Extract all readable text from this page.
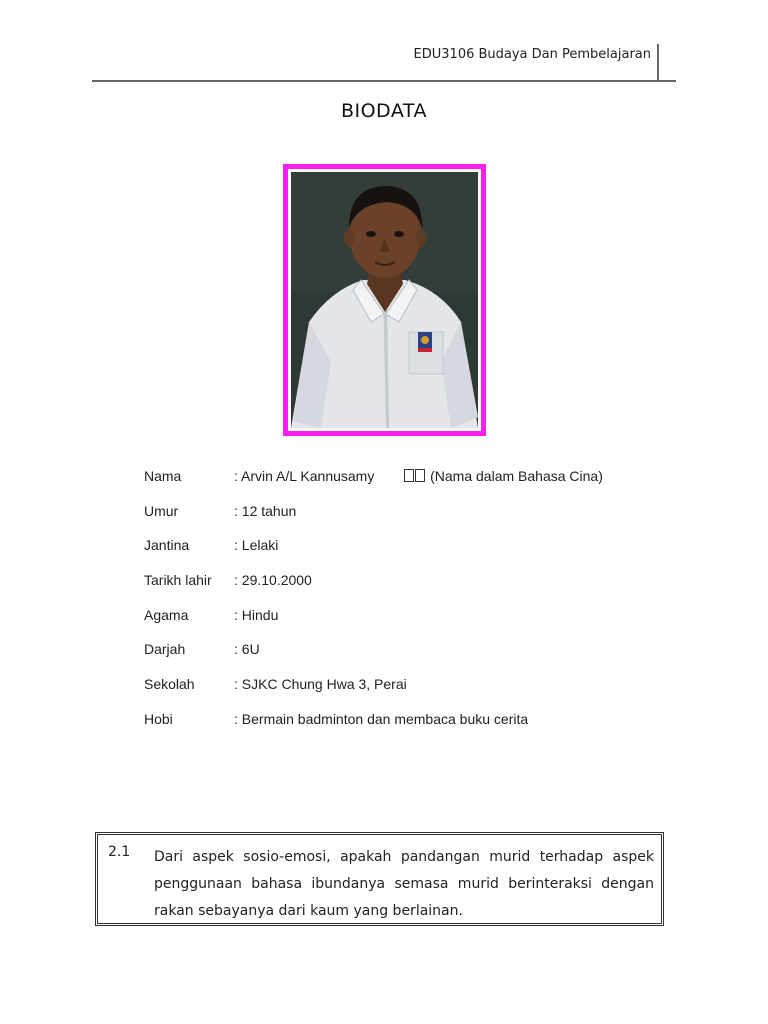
EDU3106 Budaya Dan Pembelajaran
BIODATA
Nama	: Arvin A/L Kannusamy	(Nama dalam Bahasa Cina)
Umur	: 12 tahun
Jantina	: Lelaki
Tarikh lahir : 29.10.2000
Agama	: Hindu
Darjah	: 6U
Sekolah	: SJKC Chung Hwa 3, Perai
Hobi	: Bermain badminton dan membaca buku cerita
2.1 Dari aspek sosio-emosi, apakah pandangan murid terhadap aspek penggunaan bahasa ibundanya semasa murid berinteraksi dengan rakan sebayanya dari kaum yang berlainan.
